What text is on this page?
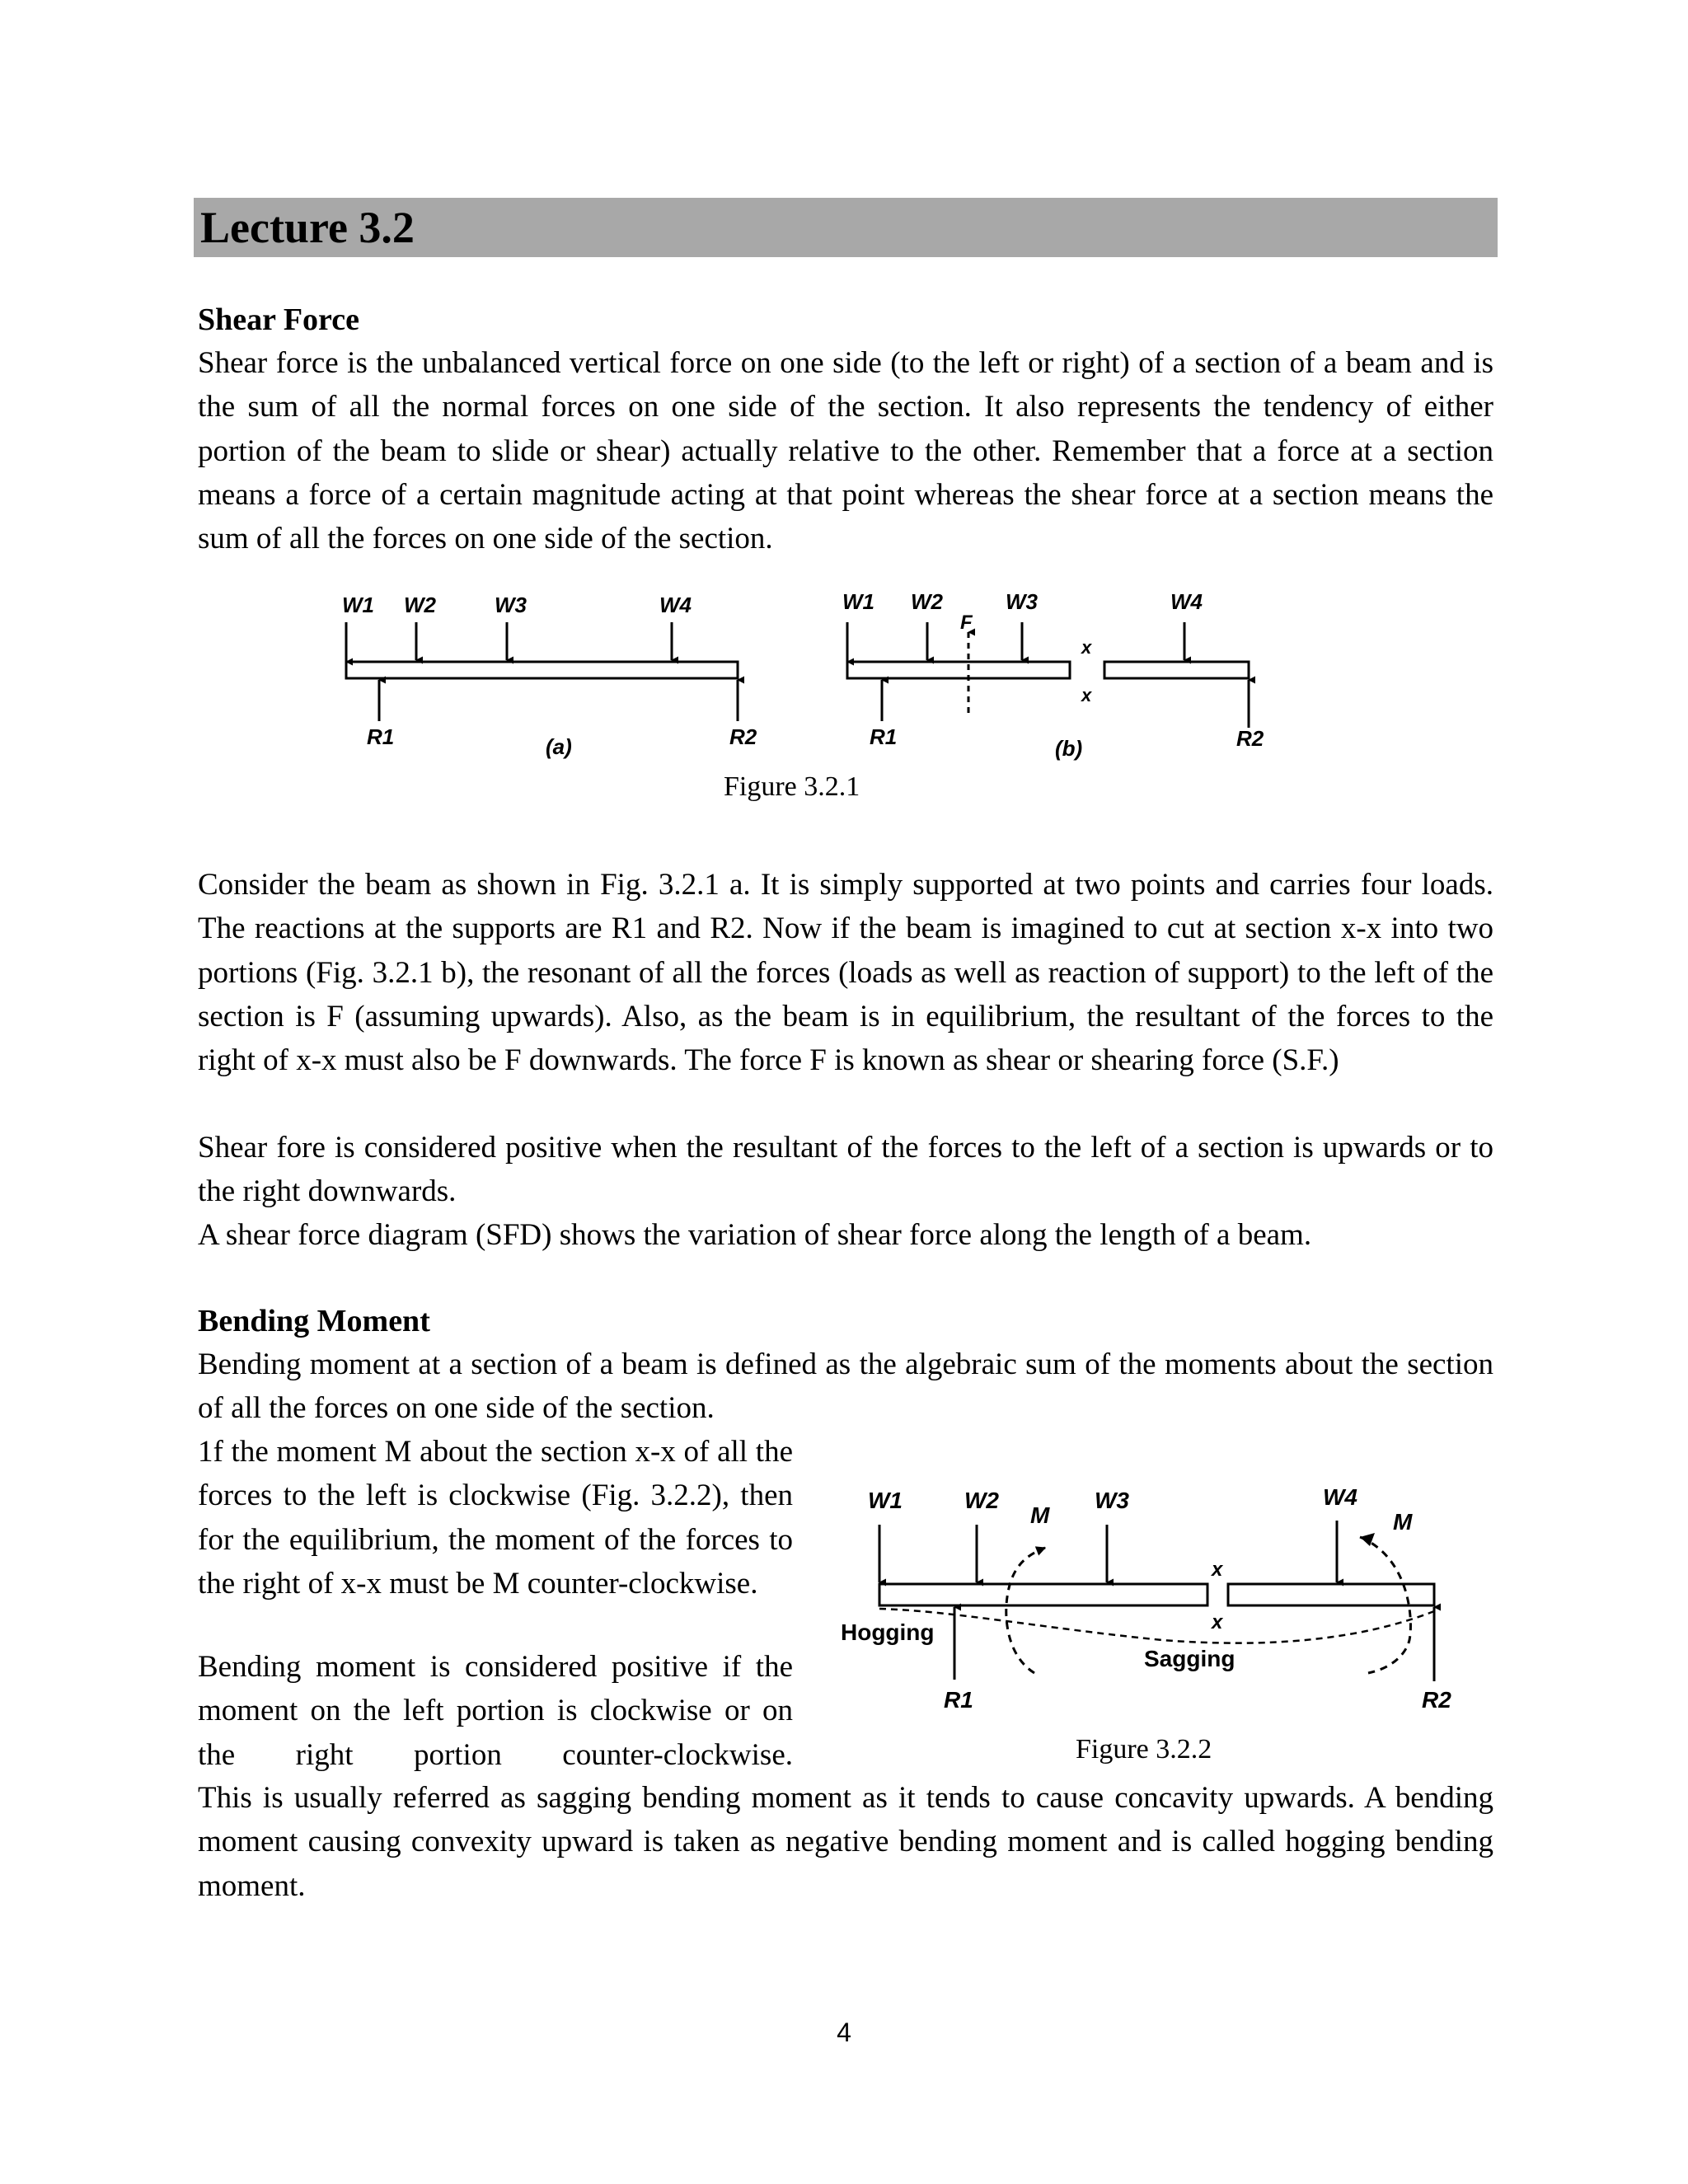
Lecture 3.2
Shear Force

Shear force is the unbalanced vertical force on one side (to the left or right) of a section of a beam and is the sum of all the normal forces on one side of the section. It also represents the tendency of either portion of the beam to slide or shear) actually relative to the other. Remember that a force at a section means a force of a certain magnitude acting at that point whereas the shear force at a section means the sum of all the forces on one side of the section.

W1 W2	W3	W4
R1	R2
(a)
W1 W2	W3	W4
F
x
x
R1	R2
(b)
Figure 3.2.1

Consider the beam as shown in Fig. 3.2.1 a. It is simply supported at two points and carries four loads. The reactions at the supports are R1 and R2. Now if the beam is imagined to cut at section x-x into two portions (Fig. 3.2.1 b), the resonant of all the forces (loads as well as reaction of support) to the left of the section is F (assuming upwards). Also, as the beam is in equilibrium, the resultant of the forces to the right of x-x must also be F downwards. The force F is known as shear or shearing force (S.F.)

Shear fore is considered positive when the resultant of the forces to the left of a section is upwards or to the right downwards.

A shear force diagram (SFD) shows the variation of shear force along the length of a beam.

Bending Moment

Bending moment at a section of a beam is defined as the algebraic sum of the moments about the section of all the forces on one side of the section.

1f the moment M about the section x-x of all the forces to the left is clockwise (Fig. 3.2.2), then for the equilibrium, the moment of the forces to the right of x-x must be M counter-clockwise.

Bending moment is considered positive if the moment on the left portion is clockwise or on the right portion counter-clockwise.

W1	W2	W3	W4
M	M
x
x
Hogging
Sagging
R1	R2
Figure 3.2.2

This is usually referred as sagging bending moment as it tends to cause concavity upwards. A bending moment causing convexity upward is taken as negative bending moment and is called hogging bending moment.

4
